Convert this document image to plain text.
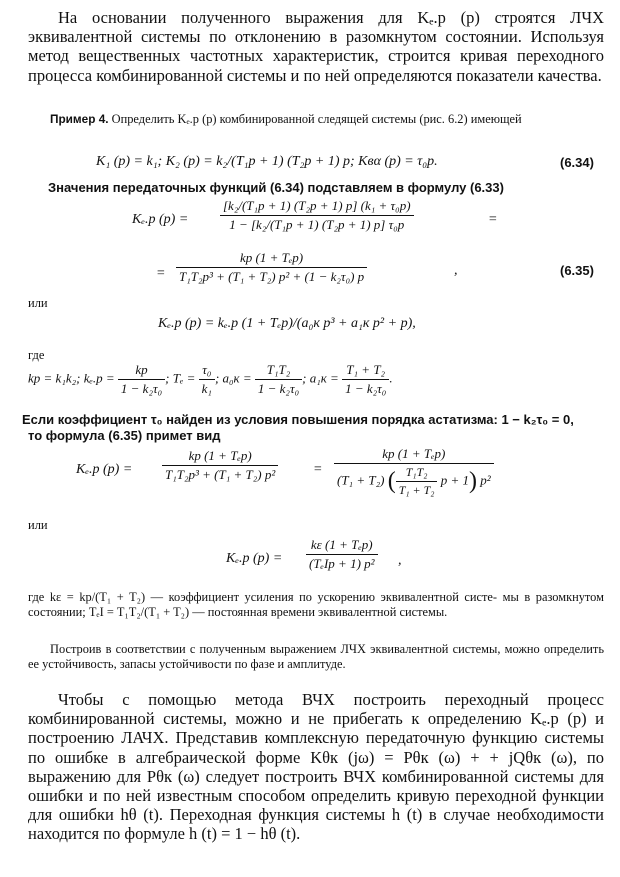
На основании полученного выражения для Kₑ.р (p) строятся ЛЧХ эквивалентной системы по отклонению в разомкнутом состоянии. Используя метод вещественных частотных характеристик, строится кривая переходного процесса комбинированной системы и по ней определяются показатели качества.
Пример 4. Определить Kₑ.р (p) комбинированной следящей системы (рис. 6.2) имеющей
K₁ (p) = k₁; K₂ (p) = k₂/(T₁p + 1) (T₂p + 1) p; Kвα (p) = τ₀p.	(6.34)
Значения передаточных функций (6.34) подставляем в формулу (6.33)
Kₑ.р $(p) = \frac{\text{[k₂/(T₁p + 1) (T₂p + 1) p] (k₁ + τ₀p)}}{\text{1 − [k₂/(T₁p + 1) (T₂p + 1) p] τ₀p}}$	=
= $\frac{\text{kр (1 + Tₑp)}}{\text{T₁T₂p³ + (T₁ + T₂) p² + (1 − k₂τ₀) p}}$	,	(6.35)
или
Kₑ.р (p) = kₑ.р (1 + Tₑp)/(a₀к p³ + a₁к p² + p),
где
kр = k₁k₂; $k_e.р = \frac{kр}{\text{1 − k₂τ₀}}$ ; $T_e = \frac{\text{τ₀}}{\text{k₁}}$ ; $a_0к = \frac{\text{T₁T₂}}{\text{1 − k₂τ₀}}$ ; $a_1к = \frac{\text{T₁ + T₂}}{\text{1 − k₂τ₀}}$ .
Если коэффициент τ₀ найден из условия повышения порядка астатизма: 1 − k₂τ₀ = 0,
то формула (6.35) примет вид
Kₑ.р $(p) = \frac{\text{kр (1 + Tₑp)}}{\text{T₁T₂p³ + (T₁ + T₂) p²}} = \frac{\text{kр (1 + Tₑp)}}{(T_1 + T_2) ( \frac{\text{T₁T₂}}{\text{T₁ + T₂}} p + 1) p^2}$
или
Kₑ.р $(p) = \frac{\text{kε (1 + Tₑp)}}{\text{(TₑІp + 1) p²}}$ ,
где kε = kр/(T₁ + T₂) — коэффициент усиления по ускорению эквивалентной систе- мы в разомкнутом состоянии; TₑІ = T₁T₂/(T₁ + T₂) — постоянная времени эквивалентной системы.
Построив в соответствии с полученным выражением ЛЧХ эквивалентной системы, можно определить ее устойчивость, запасы устойчивости по фазе и амплитуде.
Чтобы с помощью метода ВЧХ построить переходный процесс комбинированной системы, можно и не прибегать к определению Kₑ.р (p) и построению ЛАЧХ. Представив комплексную передаточную функцию системы по ошибке в алгебраической форме Kθк (jω) = Pθк (ω) + + jQθк (ω), по выражению для Pθк (ω) следует построить ВЧХ комбинированной системы для ошибки и по ней известным способом определить кривую переходной функции для ошибки hθ (t). Переходная функция системы h (t) в случае необходимости находится по формуле h (t) = 1 − hθ (t).
